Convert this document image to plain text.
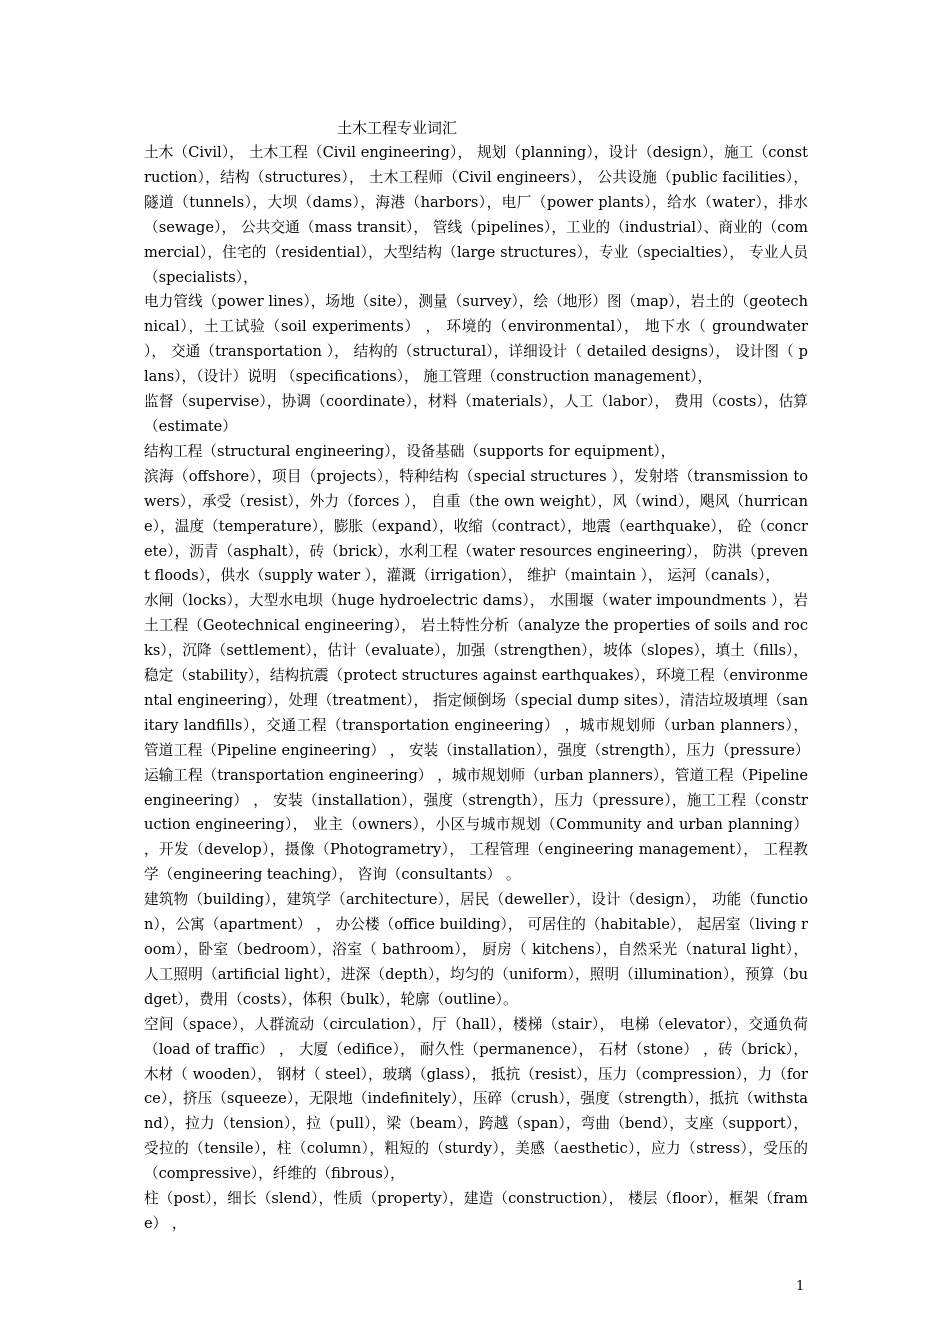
土木工程专业词汇

土木（Civil）， 土木工程（Civil engineering）， 规划（planning），设计（design），施工（construction），结构（structures）， 土木工程师（Civil engineers）， 公共设施（public facilities）， 隧道（tunnels），大坝（dams），海港（harbors），电厂（power plants），给水（water），排水（sewage）， 公共交通（mass transit）， 管线（pipelines），工业的（industrial）、商业的（commercial），住宅的（residential），大型结构（large structures），专业（specialties）， 专业人员（specialists），

电力管线（power lines），场地（site），测量（survey），绘（地形）图（map），岩土的（geotechnical），土工试验（soil experiments） ， 环境的（environmental）， 地下水（ groundwater ）， 交通（transportation ）， 结构的（structural），详细设计（ detailed designs）， 设计图（ plans），（设计）说明 （specifications）， 施工管理（construction management），

监督（supervise），协调（coordinate），材料（materials），人工（labor）， 费用（costs），估算（estimate）

结构工程（structural engineering），设备基础（supports for equipment），

滨海（offshore），项目（projects），特种结构（special structures ），发射塔（transmission towers），承受（resist），外力（forces ）， 自重（the own weight），风（wind），飓风（hurricane），温度（temperature），膨胀（expand），收缩（contract），地震（earthquake）， 砼（concrete），沥青（asphalt），砖（brick），水利工程（water resources engineering）， 防洪（prevent floods），供水（supply water ），灌溉（irrigation）， 维护（maintain ）， 运河（canals），

水闸（locks），大型水电坝（huge hydroelectric dams）， 水围堰（water impoundments ），岩土工程（Geotechnical engineering）， 岩土特性分析（analyze the properties of soils and rocks），沉降（settlement），估计（evaluate），加强（strengthen），坡体（slopes），填土（fills），稳定（stability），结构抗震（protect structures against earthquakes），环境工程（environmental engineering），处理（treatment）， 指定倾倒场（special dump sites），清洁垃圾填埋（sanitary landfills），交通工程（transportation engineering） ，城市规划师（urban planners），管道工程（Pipeline engineering） ， 安装（installation），强度（strength），压力（pressure）

运输工程（transportation engineering） ，城市规划师（urban planners），管道工程（Pipeline engineering） ， 安装（installation），强度（strength），压力（pressure），施工工程（construction engineering）， 业主（owners），小区与城市规划（Community and urban planning） ，开发（develop），摄像（Photogrametry）， 工程管理（engineering management）， 工程教学（engineering teaching）， 咨询（consultants） 。

建筑物（building），建筑学（architecture），居民（deweller），设计（design）， 功能（function），公寓（apartment） ， 办公楼（office building）， 可居住的（habitable）， 起居室（living room），卧室（bedroom），浴室（ bathroom）， 厨房（ kitchens），自然采光（natural light）， 人工照明（artificial light），进深（depth），均匀的（uniform），照明（illumination），预算（budget），费用（costs），体积（bulk），轮廓（outline）。

空间（space），人群流动（circulation），厅（hall），楼梯（stair）， 电梯（elevator），交通负荷（load of traffic） ， 大厦（edifice）， 耐久性（permanence）， 石材（stone） ，砖（brick），木材（ wooden）， 钢材（ steel），玻璃（glass）， 抵抗（resist），压力（compression），力（force），挤压（squeeze），无限地（indefinitely），压碎（crush），强度（strength），抵抗（withstand），拉力（tension），拉（pull），梁（beam），跨越（span），弯曲（bend），支座（support），受拉的（tensile），柱（column），粗短的（sturdy），美感（aesthetic），应力（stress），受压的（compressive），纤维的（fibrous），

柱（post），细长（slend），性质（property），建造（construction）， 楼层（floor），框架（frame） ，

1
